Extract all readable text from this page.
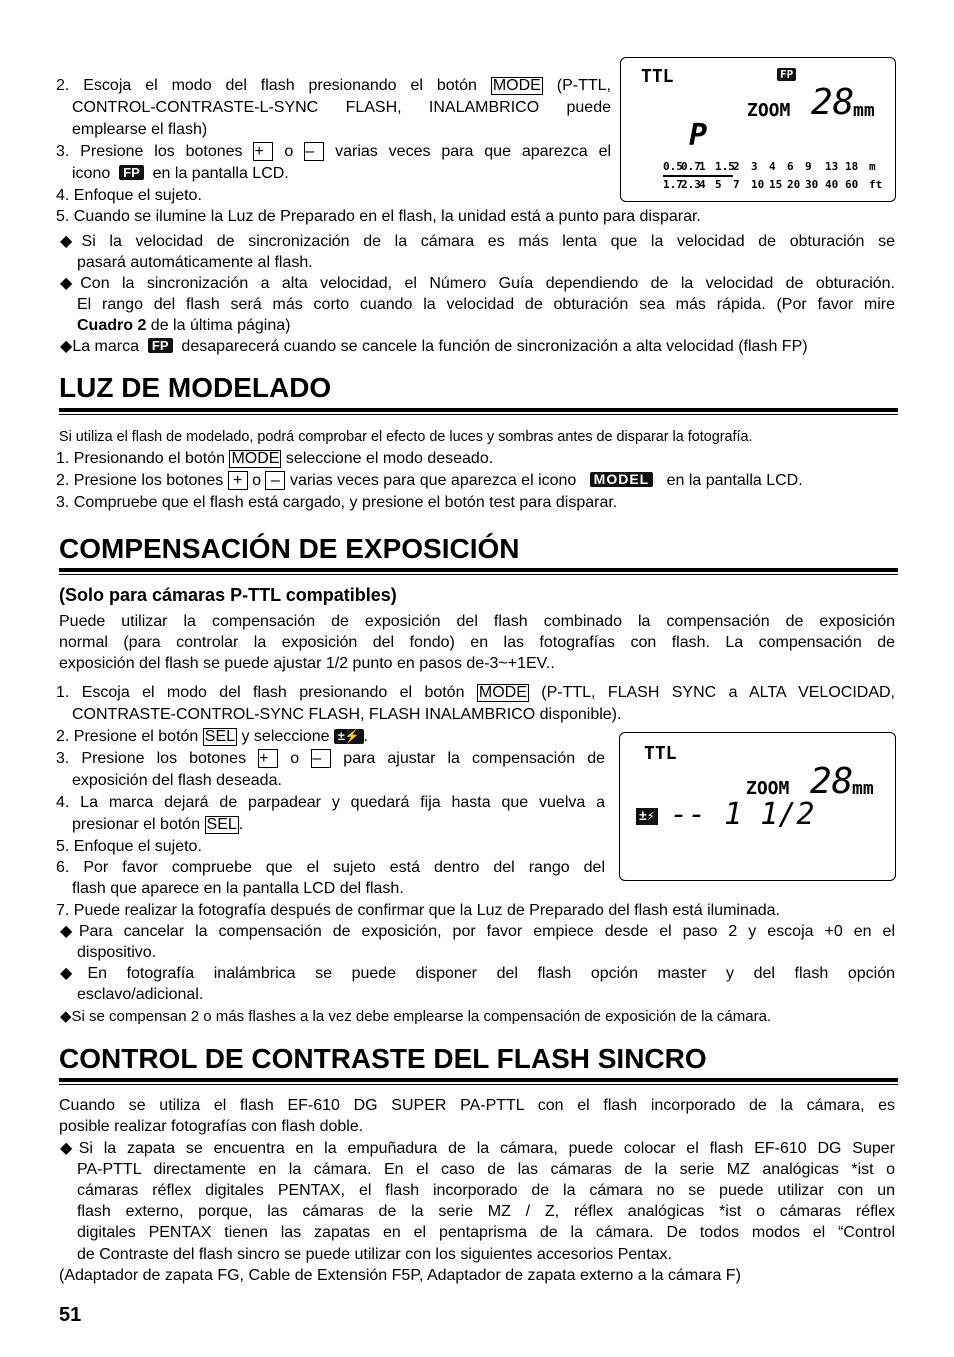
2. Escoja el modo del flash presionando el botón MODE (P-TTL,
CONTROL-CONTRASTE-L-SYNC FLASH, INALAMBRICO puede
emplearse el flash)
3. Presione los botones + o – varias veces para que aparezca el
icono FP en la pantalla LCD.
4. Enfoque el sujeto.
5. Cuando se ilumine la Luz de Preparado en el flash, la unidad está a punto para disparar.
◆Si la velocidad de sincronización de la cámara es más lenta que la velocidad de obturación se
pasará automáticamente al flash.
◆Con la sincronización a alta velocidad, el Número Guía dependiendo de la velocidad de obturación.
El rango del flash será más corto cuando la velocidad de obturación sea más rápida. (Por favor mire
Cuadro 2 de la última página)
◆La marca FP desaparecerá cuando se cancele la función de sincronización a alta velocidad (flash FP)
TTL	FP
ZOOM 28
mm
P
0.5
0.7
1 1.5
2 3 4 6 9 13 18 m
1.7
2.3
4 5 7 10 15 20 30 40 60 ft
LUZ DE MODELADO
Si utiliza el flash de modelado, podrá comprobar el efecto de luces y sombras antes de disparar la fotografía.
1. Presionando el botón MODE seleccione el modo deseado.
2. Presione los botones + o – varias veces para que aparezca el icono MODEL en la pantalla LCD.
3. Compruebe que el flash está cargado, y presione el botón test para disparar.
COMPENSACIÓN DE EXPOSICIÓN
(Solo para cámaras P-TTL compatibles)
Puede utilizar la compensación de exposición del flash combinado la compensación de exposición
normal (para controlar la exposición del fondo) en las fotografías con flash. La compensación de
exposición del flash se puede ajustar 1/2 punto en pasos de-3~+1EV..
1. Escoja el modo del flash presionando el botón MODE (P-TTL, FLASH SYNC a ALTA VELOCIDAD,
CONTRASTE-CONTROL-SYNC FLASH, FLASH INALAMBRICO disponible).
2. Presione el botón SEL y seleccione ±⚡ .
3. Presione los botones + o – para ajustar la compensación de
exposición del flash deseada.
4. La marca dejará de parpadear y quedará fija hasta que vuelva a
presionar el botón SEL .
5. Enfoque el sujeto.
6. Por favor compruebe que el sujeto está dentro del rango del
flash que aparece en la pantalla LCD del flash.
7. Puede realizar la fotografía después de confirmar que la Luz de Preparado del flash está iluminada.
◆Para cancelar la compensación de exposición, por favor empiece desde el paso 2 y escoja +0 en el
dispositivo.
◆En fotografía inalámbrica se puede disponer del flash opción master y del flash opción
esclavo/adicional.
◆Si se compensan 2 o más flashes a la vez debe emplearse la compensación de exposición de la cámara.
TTL
ZOOM 28
mm
±⚡ -- 1 1/2
CONTROL DE CONTRASTE DEL FLASH SINCRO
Cuando se utiliza el flash EF-610 DG SUPER PA-PTTL con el flash incorporado de la cámara, es
posible realizar fotografías con flash doble.
◆Si la zapata se encuentra en la empuñadura de la cámara, puede colocar el flash EF-610 DG Super
PA-PTTL directamente en la cámara. En el caso de las cámaras de la serie MZ analógicas *ist o
cámaras réflex digitales PENTAX, el flash incorporado de la cámara no se puede utilizar con un
flash externo, porque, las cámaras de la serie MZ / Z, réflex analógicas *ist o cámaras réflex
digitales PENTAX tienen las zapatas en el pentaprisma de la cámara. De todos modos el “Control
de Contraste del flash sincro se puede utilizar con los siguientes accesorios Pentax.
(Adaptador de zapata FG, Cable de Extensión F5P, Adaptador de zapata externo a la cámara F)
51
